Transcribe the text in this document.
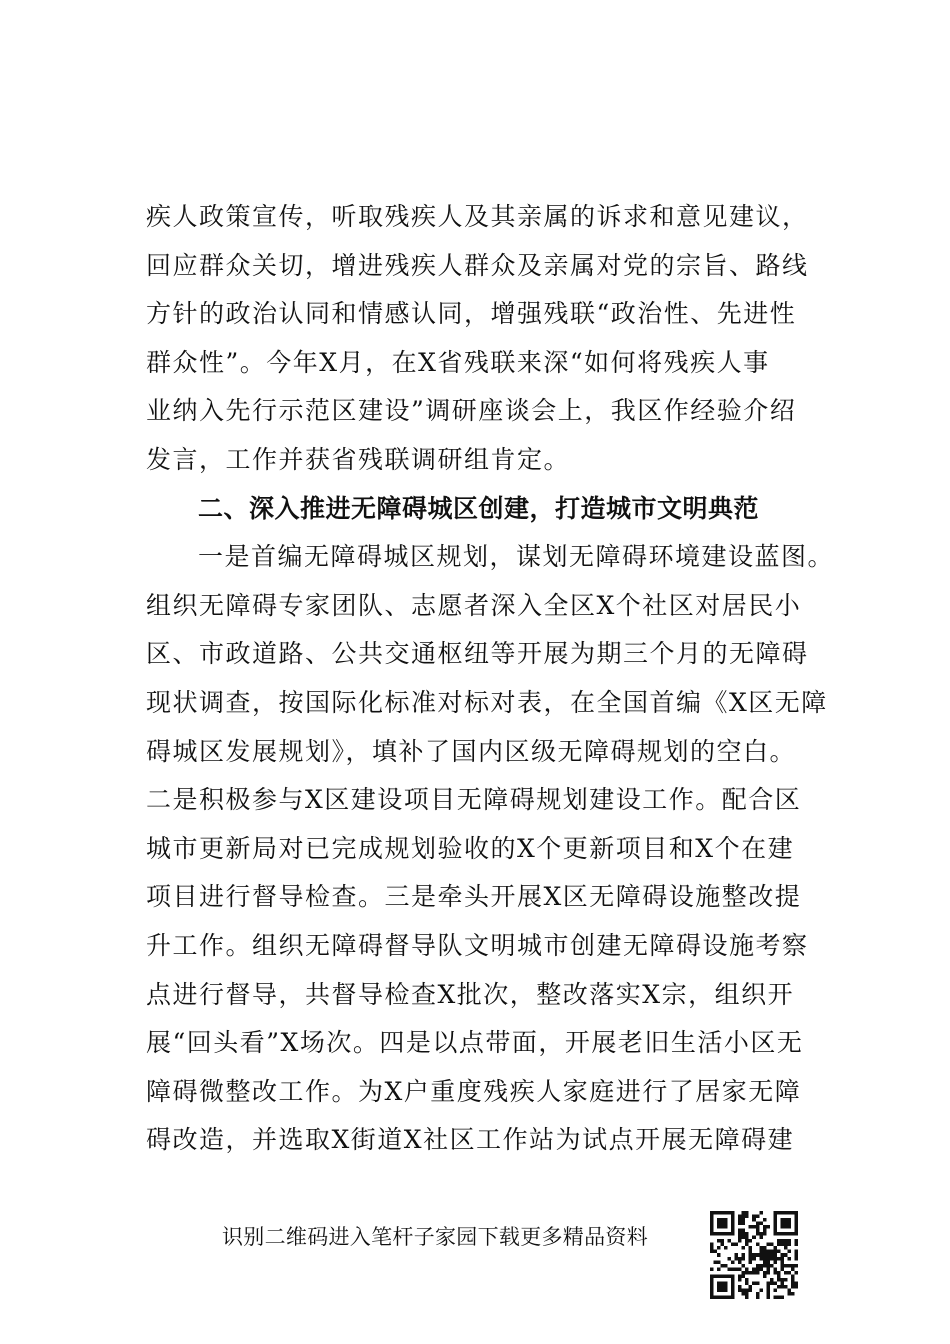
疾人政策宣传，听取残疾人及其亲属的诉求和意见建议，
回应群众关切，增进残疾人群众及亲属对党的宗旨、路线
方针的政治认同和情感认同，增强残联“政治性、先进性
群众性”。今年X月，在X省残联来深“如何将残疾人事
业纳入先行示范区建设”调研座谈会上，我区作经验介绍
发言，工作并获省残联调研组肯定。
二、深入推进无障碍城区创建，打造城市文明典范
一是首编无障碍城区规划，谋划无障碍环境建设蓝图。
组织无障碍专家团队、志愿者深入全区X个社区对居民小
区、市政道路、公共交通枢纽等开展为期三个月的无障碍
现状调查，按国际化标准对标对表，在全国首编《X区无障
碍城区发展规划》，填补了国内区级无障碍规划的空白。
二是积极参与X区建设项目无障碍规划建设工作。配合区
城市更新局对已完成规划验收的X个更新项目和X个在建
项目进行督导检查。三是牵头开展X区无障碍设施整改提
升工作。组织无障碍督导队文明城市创建无障碍设施考察
点进行督导，共督导检查X批次，整改落实X宗，组织开
展“回头看”X场次。四是以点带面，开展老旧生活小区无
障碍微整改工作。为X户重度残疾人家庭进行了居家无障
碍改造，并选取X街道X社区工作站为试点开展无障碍建
识别二维码进入笔杆子家园下载更多精品资料
